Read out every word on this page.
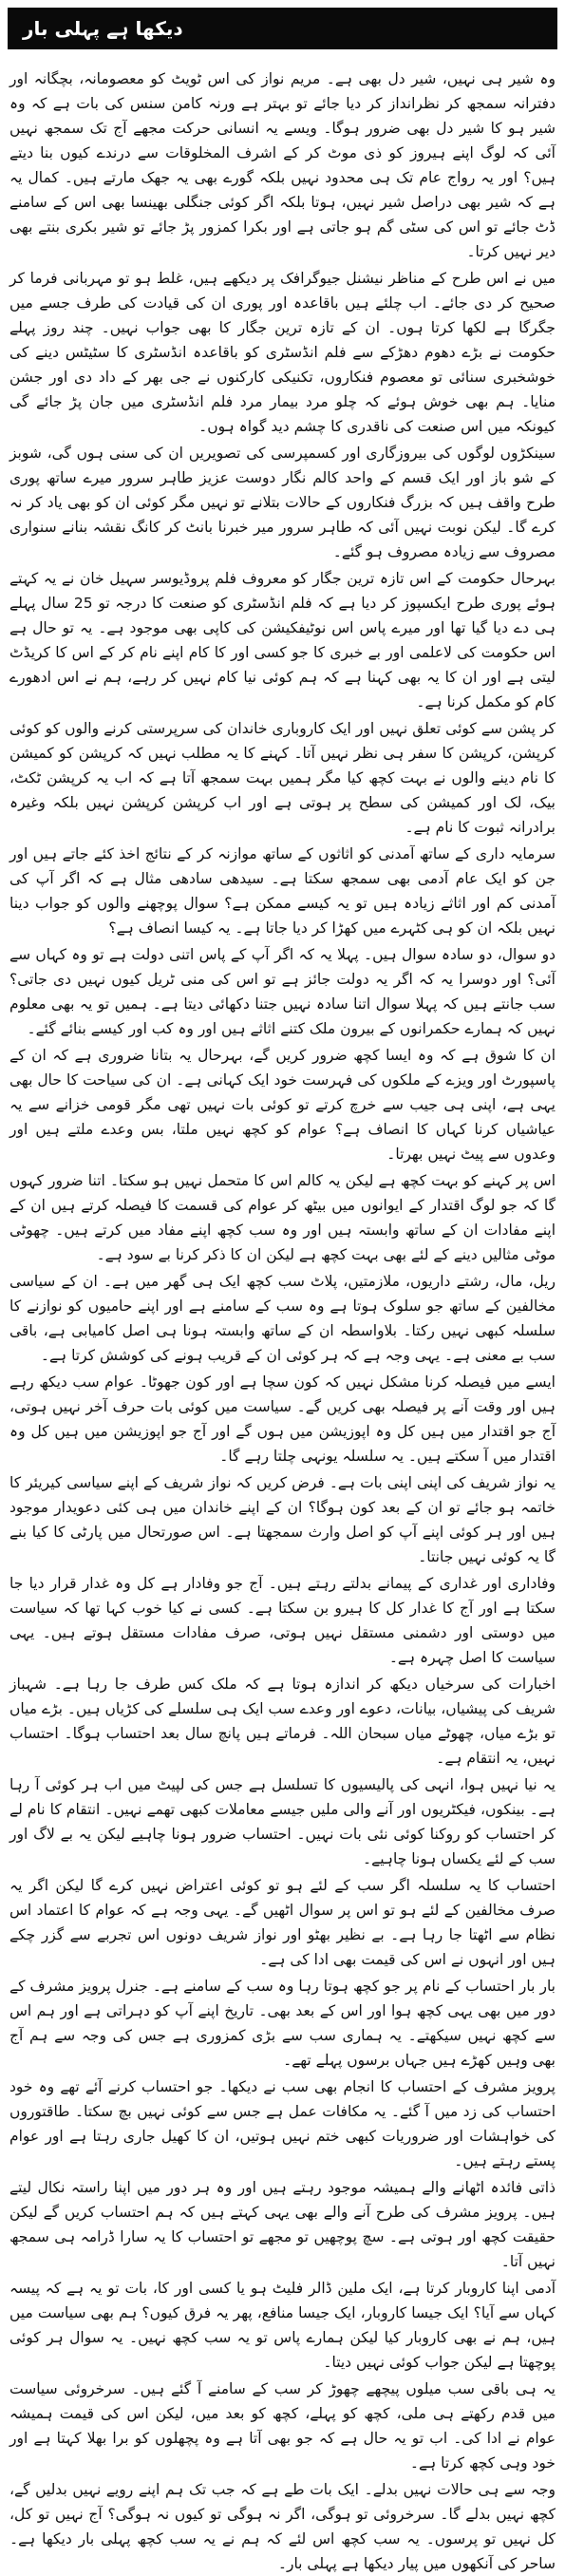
دیکھا ہے پہلی بار

وہ شیر ہی نہیں، شیر دل بھی ہے۔ مریم نواز کی اس ٹویٹ کو معصومانہ، بچگانہ اور دفترانہ سمجھ کر نظرانداز کر دیا جائے تو بہتر ہے ورنہ کامن سنس کی بات ہے کہ وہ شیر ہو کا شیر دل بھی ضرور ہوگا۔ ویسے یہ انسانی حرکت مجھے آج تک سمجھ نہیں آئی کہ لوگ اپنے ہیروز کو ذی موٹ کر کے اشرف المخلوقات سے درندے کیوں بنا دیتے ہیں؟ اور یہ رواج عام تک ہی محدود نہیں بلکہ گورے بھی یہ جھک مارتے ہیں۔ کمال یہ ہے کہ شیر بھی دراصل شیر نہیں، ہوتا بلکہ اگر کوئی جنگلی بھینسا بھی اس کے سامنے ڈٹ جائے تو اس کی سٹی گم ہو جاتی ہے اور بکرا کمزور پڑ جائے تو شیر بکری بنتے بھی دیر نہیں کرتا۔

میں نے اس طرح کے مناظر نیشنل جیوگرافک پر دیکھے ہیں، غلط ہو تو مہربانی فرما کر صحیح کر دی جائے۔ اب چلئے ہیں باقاعدہ اور پوری ان کی قیادت کی طرف جسے میں جگرگا ہے لکھا کرتا ہوں۔ ان کے تازہ ترین جگار کا بھی جواب نہیں۔ چند روز پہلے حکومت نے بڑے دھوم دھڑکے سے فلم انڈسٹری کو باقاعدہ انڈسٹری کا سٹیٹس دینے کی خوشخبری سنائی تو معصوم فنکاروں، تکنیکی کارکنوں نے جی بھر کے داد دی اور جشن منایا۔ ہم بھی خوش ہوئے کہ چلو مرد بیمار مرد فلم انڈسٹری میں جان پڑ جائے گی کیونکہ میں اس صنعت کی ناقدری کا چشم دید گواہ ہوں۔

سینکڑوں لوگوں کی بیروزگاری اور کسمپرسی کی تصویریں ان کی سنی ہوں گی، شوبز کے شو باز اور ایک قسم کے واحد کالم نگار دوست عزیز طاہر سرور میرے ساتھ پوری طرح واقف ہیں کہ بزرگ فنکاروں کے حالات بتلانے تو نہیں مگر کوئی ان کو بھی یاد کر نہ کرے گا۔ لیکن نوبت نہیں آئی کہ طاہر سرور میر خبرنا بانٹ کر کانگ نقشہ بنانے سنواری مصروف سے زیادہ مصروف ہو گئے۔

بہرحال حکومت کے اس تازہ ترین جگار کو معروف فلم پروڈیوسر سہیل خان نے یہ کہتے ہوئے پوری طرح ایکسپوز کر دیا ہے کہ فلم انڈسٹری کو صنعت کا درجہ تو 25 سال پہلے ہی دے دیا گیا تھا اور میرے پاس اس نوٹیفکیشن کی کاپی بھی موجود ہے۔ یہ تو حال ہے اس حکومت کی لاعلمی اور بے خبری کا جو کسی اور کا کام اپنے نام کر کے اس کا کریڈٹ لیتی ہے اور ان کا یہ بھی کہنا ہے کہ ہم کوئی نیا کام نہیں کر رہے، ہم نے اس ادھورے کام کو مکمل کرنا ہے۔

کر پشن سے کوئی تعلق نہیں اور ایک کاروباری خاندان کی سرپرستی کرنے والوں کو کوئی کرپشن، کرپشن کا سفر ہی نظر نہیں آتا۔ کہنے کا یہ مطلب نہیں کہ کرپشن کو کمیشن کا نام دینے والوں نے بہت کچھ کیا مگر ہمیں بہت سمجھ آتا ہے کہ اب یہ کرپشن ٹکٹ، بیک، لک اور کمیشن کی سطح پر ہوتی ہے اور اب کرپشن کرپشن نہیں بلکہ وغیرہ برادرانہ ثبوت کا نام ہے۔

سرمایہ داری کے ساتھ آمدنی کو اثاثوں کے ساتھ موازنہ کر کے نتائج اخذ کئے جاتے ہیں اور جن کو ایک عام آدمی بھی سمجھ سکتا ہے۔ سیدھی سادھی مثال ہے کہ اگر آپ کی آمدنی کم اور اثاثے زیادہ ہیں تو یہ کیسے ممکن ہے؟ سوال پوچھنے والوں کو جواب دینا نہیں بلکہ ان کو ہی کٹہرے میں کھڑا کر دیا جاتا ہے۔ یہ کیسا انصاف ہے؟

دو سوال، دو سادہ سوال ہیں۔ پہلا یہ کہ اگر آپ کے پاس اتنی دولت ہے تو وہ کہاں سے آئی؟ اور دوسرا یہ کہ اگر یہ دولت جائز ہے تو اس کی منی ٹریل کیوں نہیں دی جاتی؟ سب جانتے ہیں کہ پہلا سوال اتنا سادہ نہیں جتنا دکھائی دیتا ہے۔ ہمیں تو یہ بھی معلوم نہیں کہ ہمارے حکمرانوں کے بیرون ملک کتنے اثاثے ہیں اور وہ کب اور کیسے بنائے گئے۔

ان کا شوق ہے کہ وہ ایسا کچھ ضرور کریں گے، بہرحال یہ بتانا ضروری ہے کہ ان کے پاسپورٹ اور ویزے کے ملکوں کی فہرست خود ایک کہانی ہے۔ ان کی سیاحت کا حال بھی یہی ہے، اپنی ہی جیب سے خرچ کرتے تو کوئی بات نہیں تھی مگر قومی خزانے سے یہ عیاشیاں کرنا کہاں کا انصاف ہے؟ عوام کو کچھ نہیں ملتا، بس وعدے ملتے ہیں اور وعدوں سے پیٹ نہیں بھرتا۔

اس پر کہنے کو بہت کچھ ہے لیکن یہ کالم اس کا متحمل نہیں ہو سکتا۔ اتنا ضرور کہوں گا کہ جو لوگ اقتدار کے ایوانوں میں بیٹھ کر عوام کی قسمت کا فیصلہ کرتے ہیں ان کے اپنے مفادات ان کے ساتھ وابستہ ہیں اور وہ سب کچھ اپنے مفاد میں کرتے ہیں۔ چھوٹی موٹی مثالیں دینے کے لئے بھی بہت کچھ ہے لیکن ان کا ذکر کرنا بے سود ہے۔

ریل، مال، رشتے داریوں، ملازمتیں، پلاٹ سب کچھ ایک ہی گھر میں ہے۔ ان کے سیاسی مخالفین کے ساتھ جو سلوک ہوتا ہے وہ سب کے سامنے ہے اور اپنے حامیوں کو نوازنے کا سلسلہ کبھی نہیں رکتا۔ بلاواسطہ ان کے ساتھ وابستہ ہونا ہی اصل کامیابی ہے، باقی سب بے معنی ہے۔ یہی وجہ ہے کہ ہر کوئی ان کے قریب ہونے کی کوشش کرتا ہے۔

ایسے میں فیصلہ کرنا مشکل نہیں کہ کون سچا ہے اور کون جھوٹا۔ عوام سب دیکھ رہے ہیں اور وقت آنے پر فیصلہ بھی کریں گے۔ سیاست میں کوئی بات حرف آخر نہیں ہوتی، آج جو اقتدار میں ہیں کل وہ اپوزیشن میں ہوں گے اور آج جو اپوزیشن میں ہیں کل وہ اقتدار میں آ سکتے ہیں۔ یہ سلسلہ یونہی چلتا رہے گا۔

یہ نواز شریف کی اپنی اپنی بات ہے۔ فرض کریں کہ نواز شریف کے اپنے سیاسی کیریئر کا خاتمہ ہو جائے تو ان کے بعد کون ہوگا؟ ان کے اپنے خاندان میں ہی کئی دعویدار موجود ہیں اور ہر کوئی اپنے آپ کو اصل وارث سمجھتا ہے۔ اس صورتحال میں پارٹی کا کیا بنے گا یہ کوئی نہیں جانتا۔

وفاداری اور غداری کے پیمانے بدلتے رہتے ہیں۔ آج جو وفادار ہے کل وہ غدار قرار دیا جا سکتا ہے اور آج کا غدار کل کا ہیرو بن سکتا ہے۔ کسی نے کیا خوب کہا تھا کہ سیاست میں دوستی اور دشمنی مستقل نہیں ہوتی، صرف مفادات مستقل ہوتے ہیں۔ یہی سیاست کا اصل چہرہ ہے۔

اخبارات کی سرخیاں دیکھ کر اندازہ ہوتا ہے کہ ملک کس طرف جا رہا ہے۔ شہباز شریف کی پیشیاں، بیانات، دعوے اور وعدے سب ایک ہی سلسلے کی کڑیاں ہیں۔ بڑے میاں تو بڑے میاں، چھوٹے میاں سبحان اللہ۔ فرماتے ہیں پانچ سال بعد احتساب ہوگا۔ احتساب نہیں، یہ انتقام ہے۔

یہ نیا نہیں ہوا، انہی کی پالیسیوں کا تسلسل ہے جس کی لپیٹ میں اب ہر کوئی آ رہا ہے۔ بینکوں، فیکٹریوں اور آنے والی ملیں جیسے معاملات کبھی تھمے نہیں۔ انتقام کا نام لے کر احتساب کو روکنا کوئی نئی بات نہیں۔ احتساب ضرور ہونا چاہیے لیکن یہ بے لاگ اور سب کے لئے یکساں ہونا چاہیے۔

احتساب کا یہ سلسلہ اگر سب کے لئے ہو تو کوئی اعتراض نہیں کرے گا لیکن اگر یہ صرف مخالفین کے لئے ہو تو اس پر سوال اٹھیں گے۔ یہی وجہ ہے کہ عوام کا اعتماد اس نظام سے اٹھتا جا رہا ہے۔ بے نظیر بھٹو اور نواز شریف دونوں اس تجربے سے گزر چکے ہیں اور انہوں نے اس کی قیمت بھی ادا کی ہے۔

بار بار احتساب کے نام پر جو کچھ ہوتا رہا وہ سب کے سامنے ہے۔ جنرل پرویز مشرف کے دور میں بھی یہی کچھ ہوا اور اس کے بعد بھی۔ تاریخ اپنے آپ کو دہراتی ہے اور ہم اس سے کچھ نہیں سیکھتے۔ یہ ہماری سب سے بڑی کمزوری ہے جس کی وجہ سے ہم آج بھی وہیں کھڑے ہیں جہاں برسوں پہلے تھے۔

پرویز مشرف کے احتساب کا انجام بھی سب نے دیکھا۔ جو احتساب کرنے آئے تھے وہ خود احتساب کی زد میں آ گئے۔ یہ مکافات عمل ہے جس سے کوئی نہیں بچ سکتا۔ طاقتوروں کی خواہشات اور ضروریات کبھی ختم نہیں ہوتیں، ان کا کھیل جاری رہتا ہے اور عوام پستے رہتے ہیں۔

ذاتی فائدہ اٹھانے والے ہمیشہ موجود رہتے ہیں اور وہ ہر دور میں اپنا راستہ نکال لیتے ہیں۔ پرویز مشرف کی طرح آنے والے بھی یہی کہتے ہیں کہ ہم احتساب کریں گے لیکن حقیقت کچھ اور ہوتی ہے۔ سچ پوچھیں تو مجھے تو احتساب کا یہ سارا ڈرامہ ہی سمجھ نہیں آتا۔

آدمی اپنا کاروبار کرتا ہے، ایک ملین ڈالر فلیٹ ہو یا کسی اور کا، بات تو یہ ہے کہ پیسہ کہاں سے آیا؟ ایک جیسا کاروبار، ایک جیسا منافع، پھر یہ فرق کیوں؟ ہم بھی سیاست میں ہیں، ہم نے بھی کاروبار کیا لیکن ہمارے پاس تو یہ سب کچھ نہیں۔ یہ سوال ہر کوئی پوچھتا ہے لیکن جواب کوئی نہیں دیتا۔

یہ ہی باقی سب میلوں پیچھے چھوڑ کر سب کے سامنے آ گئے ہیں۔ سرخروئی سیاست میں قدم رکھتے ہی ملی، کچھ کو پہلے، کچھ کو بعد میں، لیکن اس کی قیمت ہمیشہ عوام نے ادا کی۔ اب تو یہ حال ہے کہ جو بھی آتا ہے وہ پچھلوں کو برا بھلا کہتا ہے اور خود وہی کچھ کرتا ہے۔

وجہ سے ہی حالات نہیں بدلے۔ ایک بات طے ہے کہ جب تک ہم اپنے رویے نہیں بدلیں گے، کچھ نہیں بدلے گا۔ سرخروئی تو ہوگی، اگر نہ ہوگی تو کیوں نہ ہوگی؟ آج نہیں تو کل، کل نہیں تو پرسوں۔ یہ سب کچھ اس لئے کہ ہم نے یہ سب کچھ پہلی بار دیکھا ہے۔ ساحر کی آنکھوں میں پیار دیکھا ہے پہلی بار۔
